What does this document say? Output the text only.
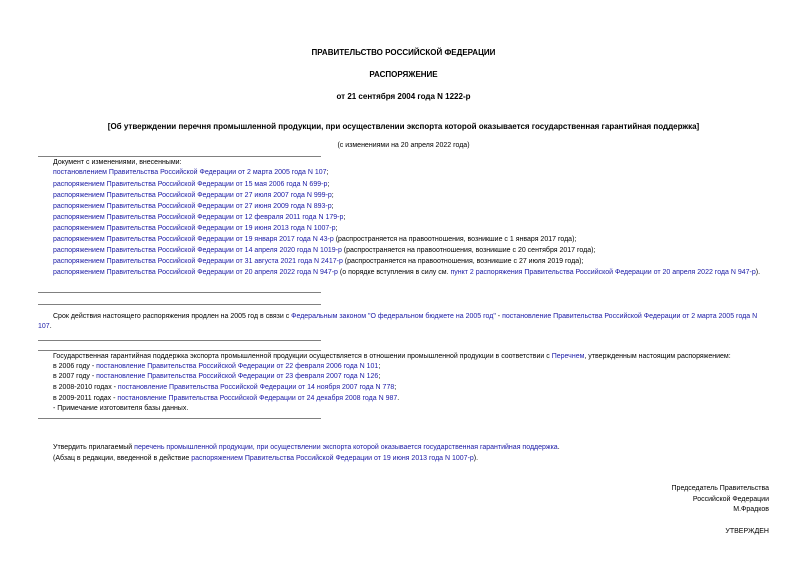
ПРАВИТЕЛЬСТВО РОССИЙСКОЙ ФЕДЕРАЦИИ
РАСПОРЯЖЕНИЕ
от 21 сентября 2004 года N 1222-р
[Об утверждении перечня промышленной продукции, при осуществлении экспорта которой оказывается государственная гарантийная поддержка]
(с изменениями на 20 апреля 2022 года)
Документ с изменениями, внесенными:
постановлением Правительства Российской Федерации от 2 марта 2005 года N 107;
распоряжением Правительства Российской Федерации от 15 мая 2006 года N 699-р;
распоряжением Правительства Российской Федерации от 27 июля 2007 года N 999-р;
распоряжением Правительства Российской Федерации от 27 июня 2009 года N 893-р;
распоряжением Правительства Российской Федерации от 12 февраля 2011 года N 179-р;
распоряжением Правительства Российской Федерации от 19 июня 2013 года N 1007-р;
распоряжением Правительства Российской Федерации от 19 января 2017 года N 43-р (распространяется на правоотношения, возникшие с 1 января 2017 года);
распоряжением Правительства Российской Федерации от 14 апреля 2020 года N 1019-р (распространяется на правоотношения, возникшие с 20 сентября 2017 года);
распоряжением Правительства Российской Федерации от 31 августа 2021 года N 2417-р (распространяется на правоотношения, возникшие с 27 июля 2019 года);
распоряжением Правительства Российской Федерации от 20 апреля 2022 года N 947-р (о порядке вступления в силу см. пункт 2 распоряжения Правительства Российской Федерации от 20 апреля 2022 года N 947-р).
Срок действия настоящего распоряжения продлен на 2005 год в связи с Федеральным законом "О федеральном бюджете на 2005 год" - постановление Правительства Российской Федерации от 2 марта 2005 года N 107.
Государственная гарантийная поддержка экспорта промышленной продукции осуществляется в отношении промышленной продукции в соответствии с Перечнем, утвержденным настоящим распоряжением:
в 2006 году - постановление Правительства Российской Федерации от 22 февраля 2006 года N 101;
в 2007 году - постановление Правительства Российской Федерации от 23 февраля 2007 года N 126;
в 2008-2010 годах - постановление Правительства Российской Федерации от 14 ноября 2007 года N 778;
в 2009-2011 годах - постановление Правительства Российской Федерации от 24 декабря 2008 года N 987.
- Примечание изготовителя базы данных.
Утвердить прилагаемый перечень промышленной продукции, при осуществлении экспорта которой оказывается государственная гарантийная поддержка.
(Абзац в редакции, введенной в действие распоряжением Правительства Российской Федерации от 19 июня 2013 года N 1007-р).
Председатель Правительства
Российской Федерации
М.Фрадков
УТВЕРЖДЕН
